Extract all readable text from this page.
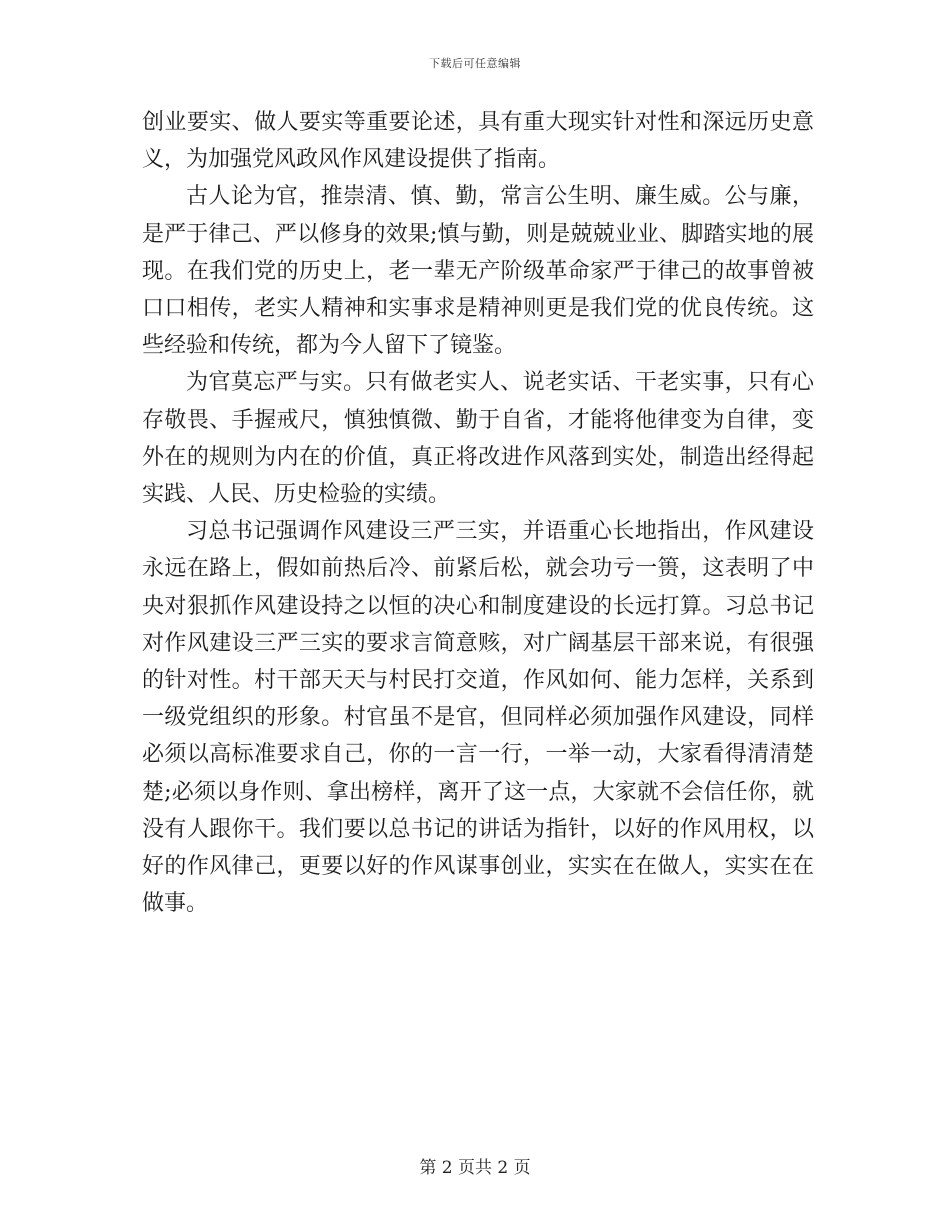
下载后可任意编辑

创业要实、做人要实等重要论述，具有重大现实针对性和深远历史意义，为加强党风政风作风建设提供了指南。

古人论为官，推崇清、慎、勤，常言公生明、廉生威。公与廉，是严于律己、严以修身的效果;慎与勤，则是兢兢业业、脚踏实地的展现。在我们党的历史上，老一辈无产阶级革命家严于律己的故事曾被口口相传，老实人精神和实事求是精神则更是我们党的优良传统。这些经验和传统，都为今人留下了镜鉴。

为官莫忘严与实。只有做老实人、说老实话、干老实事，只有心存敬畏、手握戒尺，慎独慎微、勤于自省，才能将他律变为自律，变外在的规则为内在的价值，真正将改进作风落到实处，制造出经得起实践、人民、历史检验的实绩。

习总书记强调作风建设三严三实，并语重心长地指出，作风建设永远在路上，假如前热后冷、前紧后松，就会功亏一篑，这表明了中央对狠抓作风建设持之以恒的决心和制度建设的长远打算。习总书记对作风建设三严三实的要求言简意赅，对广阔基层干部来说，有很强的针对性。村干部天天与村民打交道，作风如何、能力怎样，关系到一级党组织的形象。村官虽不是官，但同样必须加强作风建设，同样必须以高标准要求自己，你的一言一行，一举一动，大家看得清清楚楚;必须以身作则、拿出榜样，离开了这一点，大家就不会信任你，就没有人跟你干。我们要以总书记的讲话为指针，以好的作风用权，以好的作风律己，更要以好的作风谋事创业，实实在在做人，实实在在做事。

第 2 页共 2 页
